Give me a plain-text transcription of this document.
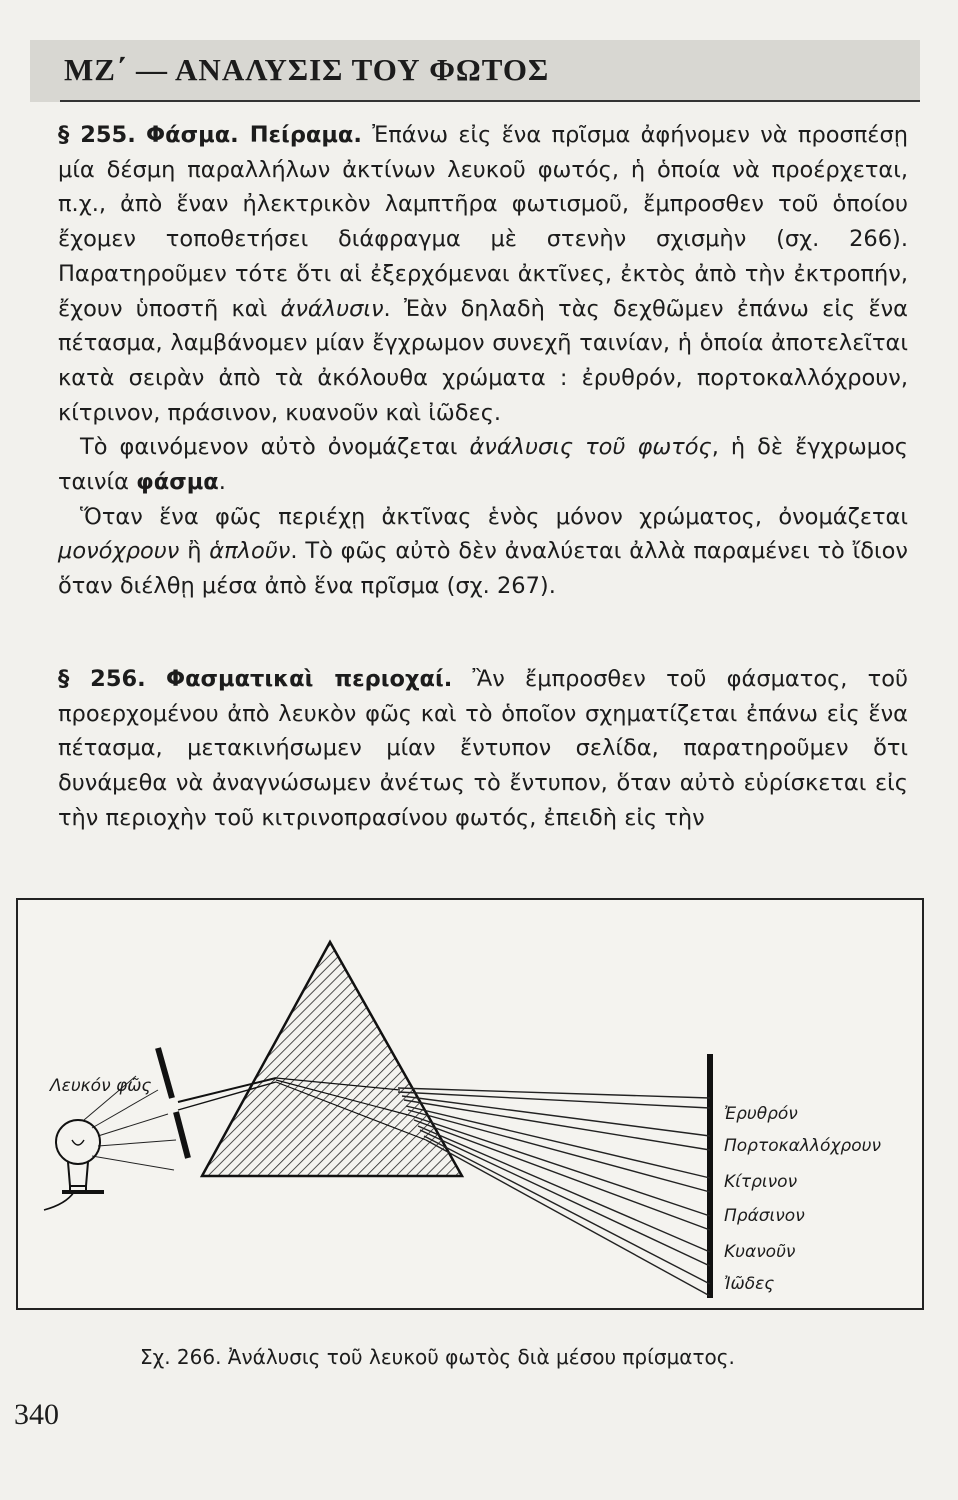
ΜΖ΄ — ΑΝΑΛΥΣΙΣ ΤΟΥ ΦΩΤΟΣ

§ 255. Φάσμα. Πείραμα. Ἐπάνω εἰς ἕνα πρῖσμα ἀφήνομεν νὰ προσπέσῃ μία δέσμη παραλλήλων ἀκτίνων λευκοῦ φωτός, ἡ ὁποία νὰ προέρχεται, π.χ., ἀπὸ ἕναν ἠλεκτρικὸν λαμπτῆρα φωτισμοῦ, ἔμπροσθεν τοῦ ὁποίου ἔχομεν τοποθετήσει διάφραγμα μὲ στενὴν σχισμὴν (σχ. 266). Παρατηροῦμεν τότε ὅτι αἱ ἐξερχόμεναι ἀκτῖνες, ἐκτὸς ἀπὸ τὴν ἐκτροπήν, ἔχουν ὑποστῆ καὶ ἀνάλυσιν. Ἐὰν δηλαδὴ τὰς δεχθῶμεν ἐπάνω εἰς ἕνα πέτασμα, λαμβάνομεν μίαν ἔγχρωμον συνεχῆ ταινίαν, ἡ ὁποία ἀποτελεῖται κατὰ σειρὰν ἀπὸ τὰ ἀκόλουθα χρώματα : ἐρυθρόν, πορτοκαλλόχρουν, κίτρινον, πράσινον, κυανοῦν καὶ ἰῶδες.

Τὸ φαινόμενον αὐτὸ ὀνομάζεται ἀνάλυσις τοῦ φωτός, ἡ δὲ ἔγχρωμος ταινία φάσμα.

Ὅταν ἕνα φῶς περιέχῃ ἀκτῖνας ἑνὸς μόνον χρώματος, ὀνομάζεται μονόχρουν ἢ ἁπλοῦν. Τὸ φῶς αὐτὸ δὲν ἀναλύεται ἀλλὰ παραμένει τὸ ἴδιον ὅταν διέλθῃ μέσα ἀπὸ ἕνα πρῖσμα (σχ. 267).

§ 256. Φασματικαὶ περιοχαί. Ἂν ἔμπροσθεν τοῦ φάσματος, τοῦ προερχομένου ἀπὸ λευκὸν φῶς καὶ τὸ ὁποῖον σχηματίζεται ἐπάνω εἰς ἕνα πέτασμα, μετακινήσωμεν μίαν ἔντυπον σελίδα, παρατηροῦμεν ὅτι δυνάμεθα νὰ ἀναγνώσωμεν ἀνέτως τὸ ἔντυπον, ὅταν αὐτὸ εὑρίσκεται εἰς τὴν περιοχὴν τοῦ κιτρινοπρασίνου φωτός, ἐπειδὴ εἰς τὴν

Λευκόν φῶς
Ἐρυθρόν
Πορτοκαλλόχρουν
Κίτρινον
Πράσινον
Κυανοῦν
Ἰῶδες
Σχ. 266. Ἀνάλυσις τοῦ λευκοῦ φωτὸς διὰ μέσου πρίσματος.
340
